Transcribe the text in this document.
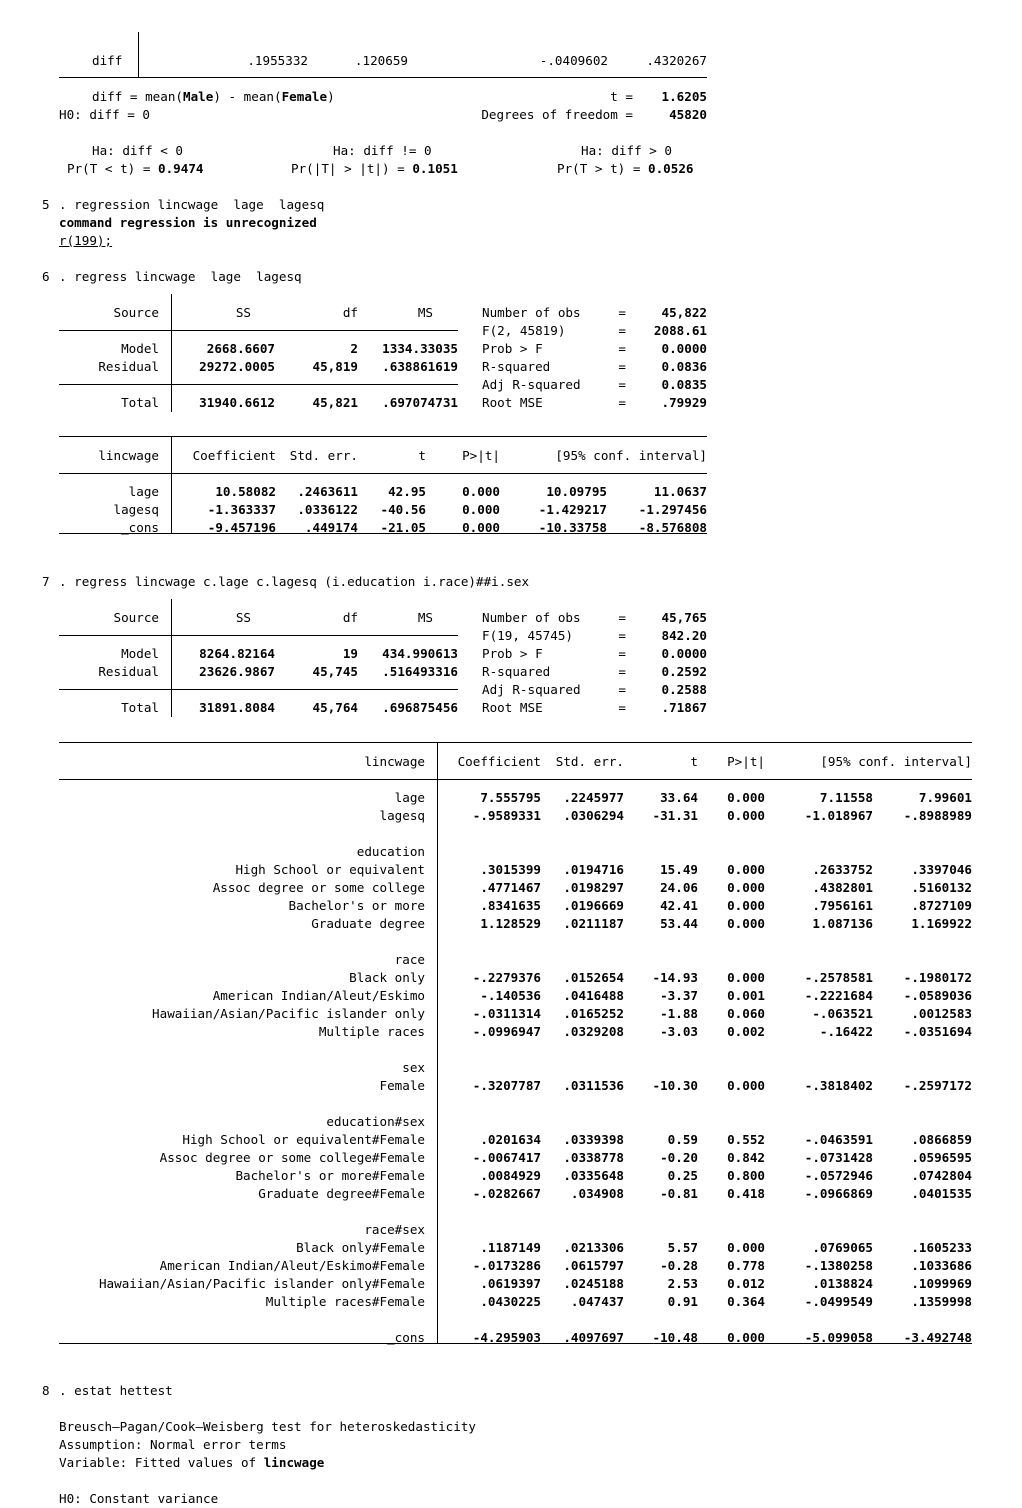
diff	.1955332	.120659	-.0409602	.4320267
diff = mean(Male) - mean(Female)	t =	1.6205
H0: diff = 0	Degrees of freedom =	45820
Ha: diff < 0	Ha: diff != 0	Ha: diff > 0
Pr(T < t) = 0.9474	Pr(|T| > |t|) = 0.1051	Pr(T > t) = 0.0526
5 . regression lincwage  lage  lagesq
command regression is unrecognized
r(199);
6 . regress lincwage  lage  lagesq
Source	SS	df	MS
Model	2668.6607	2	1334.33035
Residual	29272.0005	45,819	.638861619
Total	31940.6612	45,821	.697074731
Number of obs	=	45,822
F(2, 45819)	=	2088.61
Prob > F	=	0.0000
R-squared	=	0.0836
Adj R-squared	=	0.0835
Root MSE	=	.79929
lincwage	Coefficient Std. err.	t	P>|t|	[95% conf. interval]
lage	10.58082	.2463611	42.95	0.000	10.09795	11.0637
lagesq	-1.363337	.0336122	-40.56	0.000	-1.429217	-1.297456
_cons	-9.457196	.449174	-21.05	0.000	-10.33758	-8.576808
7 . regress lincwage c.lage c.lagesq (i.education i.race)##i.sex
Source	SS	df	MS
Model	8264.82164	19	434.990613
Residual	23626.9867	45,745	.516493316
Total	31891.8084	45,764	.696875456
Number of obs	=	45,765
F(19, 45745)	=	842.20
Prob > F	=	0.0000
R-squared	=	0.2592
Adj R-squared	=	0.2588
Root MSE	=	.71867
lincwage	Coefficient Std. err.	t	P>|t|	[95% conf. interval]
lage	7.555795	.2245977	33.64	0.000	7.11558	7.99601
lagesq	-.9589331	.0306294	-31.31	0.000	-1.018967	-.8988989
education
High School or equivalent	.3015399	.0194716	15.49	0.000	.2633752	.3397046
Assoc degree or some college	.4771467	.0198297	24.06	0.000	.4382801	.5160132
Bachelor's or more	.8341635	.0196669	42.41	0.000	.7956161	.8727109
Graduate degree	1.128529	.0211187	53.44	0.000	1.087136	1.169922
race
Black only	-.2279376	.0152654	-14.93	0.000	-.2578581	-.1980172
American Indian/Aleut/Eskimo	-.140536	.0416488	-3.37	0.001	-.2221684	-.0589036
Hawaiian/Asian/Pacific islander only	-.0311314	.0165252	-1.88	0.060	-.063521	.0012583
Multiple races	-.0996947	.0329208	-3.03	0.002	-.16422	-.0351694
sex
Female	-.3207787	.0311536	-10.30	0.000	-.3818402	-.2597172
education#sex
High School or equivalent#Female	.0201634	.0339398	0.59	0.552	-.0463591	.0866859
Assoc degree or some college#Female	-.0067417	.0338778	-0.20	0.842	-.0731428	.0596595
Bachelor's or more#Female	.0084929	.0335648	0.25	0.800	-.0572946	.0742804
Graduate degree#Female	-.0282667	.034908	-0.81	0.418	-.0966869	.0401535
race#sex
Black only#Female	.1187149	.0213306	5.57	0.000	.0769065	.1605233
American Indian/Aleut/Eskimo#Female	-.0173286	.0615797	-0.28	0.778	-.1380258	.1033686
Hawaiian/Asian/Pacific islander only#Female	.0619397	.0245188	2.53	0.012	.0138824	.1099969
Multiple races#Female	.0430225	.047437	0.91	0.364	-.0499549	.1359998
_cons	-4.295903	.4097697	-10.48	0.000	-5.099058	-3.492748
8 . estat hettest
Breusch–Pagan/Cook–Weisberg test for heteroskedasticity
Assumption: Normal error terms
Variable: Fitted values of lincwage
H0: Constant variance
